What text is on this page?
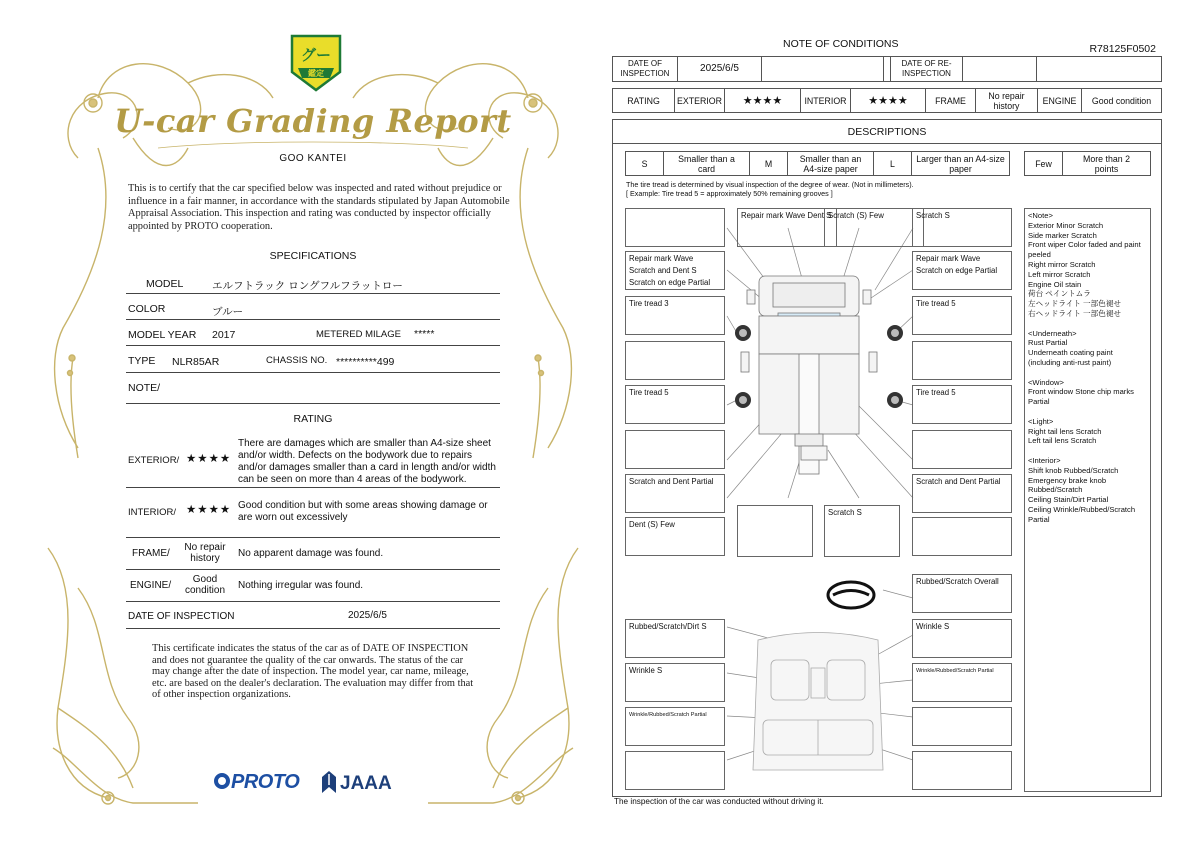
グー
鑑定
U-car Grading Report
GOO KANTEI
This is to certify that the car specified below was inspected and rated without prejudice or influence in a fair manner, in accordance with the standards stipulated by Japan Automobile Appraisal Association. This inspection and rating was conducted by inspector officially appointed by PROTO cooperation.
SPECIFICATIONS
MODEL	エルフトラック ロングフルフラットロー
COLOR	ブルー
MODEL YEAR 2017	METERED MILAGE *****
TYPE NLR85AR	CHASSIS NO. **********499
NOTE/
RATING
EXTERIOR/ ★★★★
There are damages which are smaller than A4-size sheet and/or width. Defects on the bodywork due to repairs and/or damages smaller than a card in length and/or width can be seen on more than 4 areas of the bodywork.
INTERIOR/ ★★★★ Good condition but with some areas showing damage or are worn out excessively
FRAME/
No repair history	No apparent damage was found.
ENGINE/
Good condition	Nothing irregular was found.
DATE OF INSPECTION	2025/6/5
This certificate indicates the status of the car as of DATE OF INSPECTION and does not guarantee the quality of the car onwards. The status of the car may change after the date of inspection. The model year, car name, mileage, etc. are based on the dealer's declaration. The evaluation may differ from that of other inspection organizations.
PROTO	JAAA
NOTE OF CONDITIONS	R78125F0502
DATE OF INSPECTION	2025/6/5	DATE OF RE-INSPECTION
RATING	EXTERIOR	★★★★	INTERIOR	★★★★	FRAME	No repair history	ENGINE	Good condition
DESCRIPTIONS
S	Smaller than a card	M	Smaller than an A4-size paper	L	Larger than an A4-size paper	Few	More than 2 points
The tire tread is determined by visual inspection of the degree of wear. (Not in millimeters).
[ Example: Tire tread 5 = approximately 50% remaining grooves ]
Repair mark Wave Dent S
Scratch (S) Few	Scratch S
Repair mark Wave Scratch and Dent S Scratch on edge Partial
Repair mark Wave Scratch on edge Partial
Tire tread 3	Tire tread 5
Tire tread 5	Tire tread 5
Scratch and Dent Partial	Scratch and Dent Partial
Dent (S) Few
Scratch S
Rubbed/Scratch Overall
Rubbed/Scratch/Dirt S	Wrinkle S
Wrinkle S	Wrinkle/Rubbed/Scratch Partial
Wrinkle/Rubbed/Scratch Partial
<Note>
Exterior Minor Scratch
Side marker Scratch
Front wiper Color faded and paint peeled
Right mirror Scratch
Left mirror Scratch
Engine Oil stain
荷台 ペイントムラ
左ヘッドライト 一部色褪せ
右ヘッドライト 一部色褪せ

<Underneath>
Rust Partial
Underneath coating paint (including anti-rust paint)

<Window>
Front window Stone chip marks Partial

<Light>
Right tail lens Scratch
Left tail lens Scratch

<Interior>
Shift knob Rubbed/Scratch
Emergency brake knob Rubbed/Scratch
Ceiling Stain/Dirt Partial
Ceiling Wrinkle/Rubbed/Scratch Partial
The inspection of the car was conducted without driving it.
